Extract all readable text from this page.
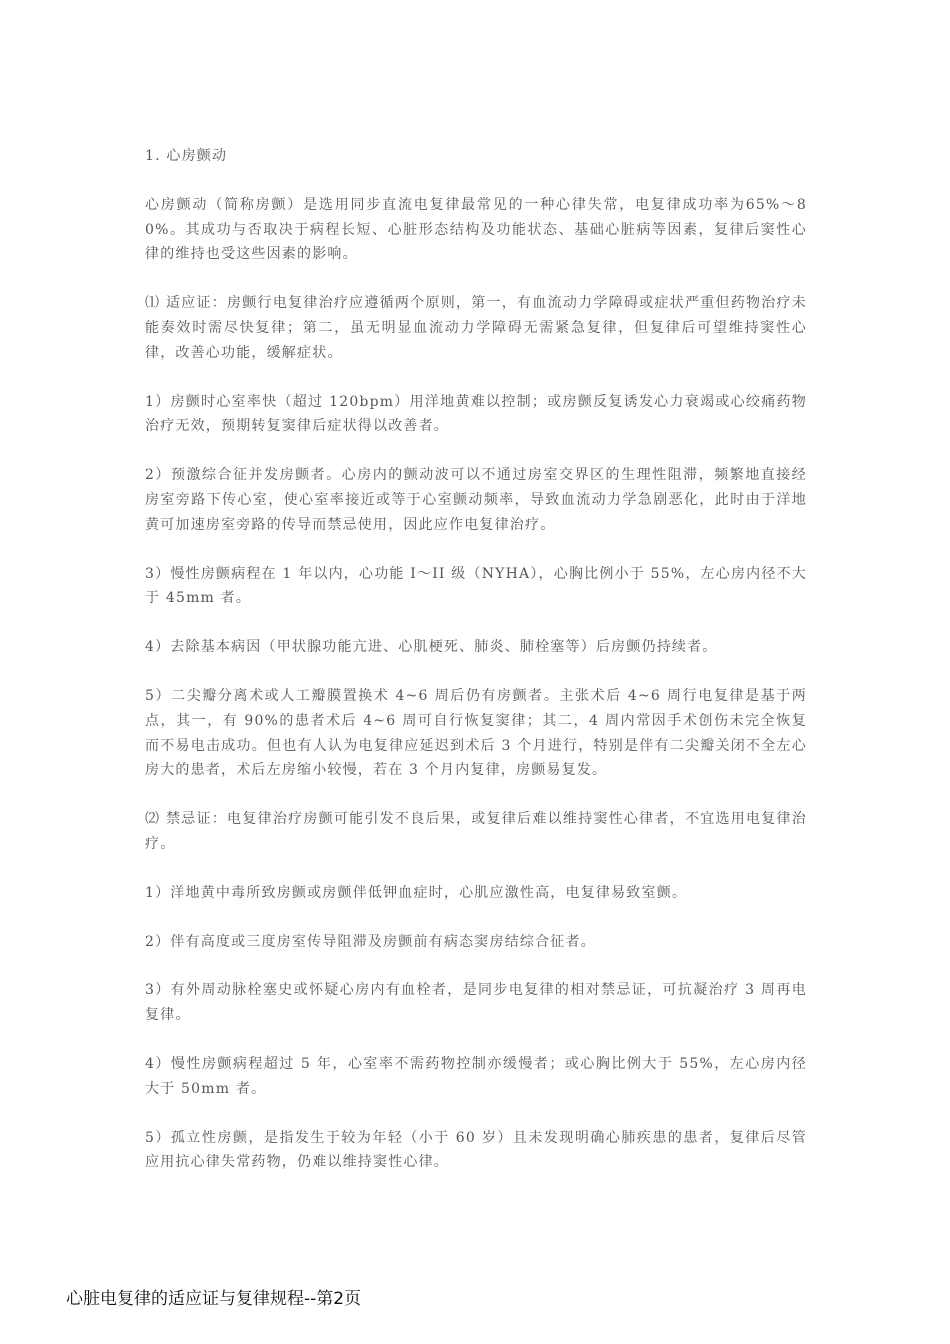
1. 心房颤动

心房颤动（简称房颤）是选用同步直流电复律最常见的一种心律失常，电复律成功率为65%～80%。其成功与否取决于病程长短、心脏形态结构及功能状态、基础心脏病等因素，复律后窦性心律的维持也受这些因素的影响。

⑴ 适应证：房颤行电复律治疗应遵循两个原则，第一，有血流动力学障碍或症状严重但药物治疗未能奏效时需尽快复律；第二，虽无明显血流动力学障碍无需紧急复律，但复律后可望维持窦性心律，改善心功能，缓解症状。

1）房颤时心室率快（超过 120bpm）用洋地黄难以控制；或房颤反复诱发心力衰竭或心绞痛药物治疗无效，预期转复窦律后症状得以改善者。

2）预激综合征并发房颤者。心房内的颤动波可以不通过房室交界区的生理性阻滞，频繁地直接经房室旁路下传心室，使心室率接近或等于心室颤动频率，导致血流动力学急剧恶化，此时由于洋地黄可加速房室旁路的传导而禁忌使用，因此应作电复律治疗。

3）慢性房颤病程在 1 年以内，心功能 I～II 级（NYHA），心胸比例小于 55%，左心房内径不大于 45mm 者。

4）去除基本病因（甲状腺功能亢进、心肌梗死、肺炎、肺栓塞等）后房颤仍持续者。

5）二尖瓣分离术或人工瓣膜置换术 4~6 周后仍有房颤者。主张术后 4~6 周行电复律是基于两点，其一，有 90%的患者术后 4~6 周可自行恢复窦律；其二，4 周内常因手术创伤未完全恢复而不易电击成功。但也有人认为电复律应延迟到术后 3 个月进行，特别是伴有二尖瓣关闭不全左心房大的患者，术后左房缩小较慢，若在 3 个月内复律，房颤易复发。

⑵ 禁忌证：电复律治疗房颤可能引发不良后果，或复律后难以维持窦性心律者，不宜选用电复律治疗。

1）洋地黄中毒所致房颤或房颤伴低钾血症时，心肌应激性高，电复律易致室颤。

2）伴有高度或三度房室传导阻滞及房颤前有病态窦房结综合征者。

3）有外周动脉栓塞史或怀疑心房内有血栓者，是同步电复律的相对禁忌证，可抗凝治疗 3 周再电复律。

4）慢性房颤病程超过 5 年，心室率不需药物控制亦缓慢者；或心胸比例大于 55%，左心房内径大于 50mm 者。

5）孤立性房颤，是指发生于较为年轻（小于 60 岁）且未发现明确心肺疾患的患者，复律后尽管应用抗心律失常药物，仍难以维持窦性心律。

心脏电复律的适应证与复律规程--第2页
